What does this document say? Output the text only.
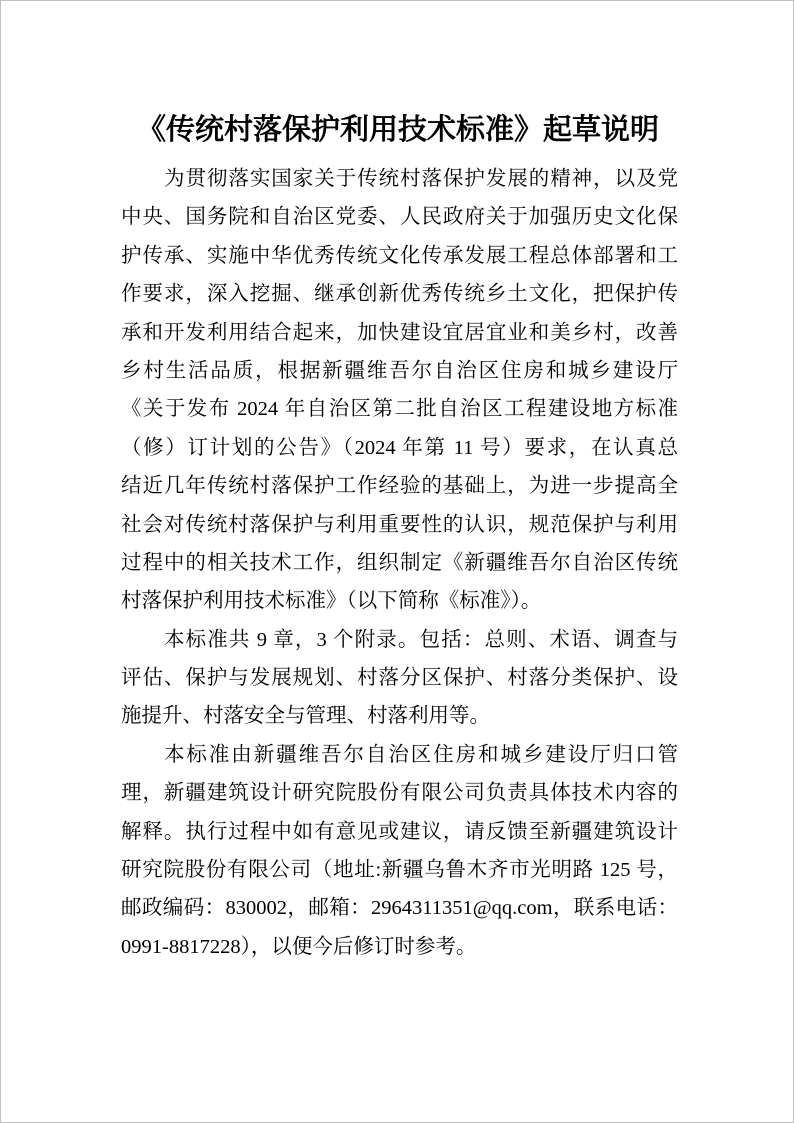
《传统村落保护利用技术标准》起草说明
为贯彻落实国家关于传统村落保护发展的精神，以及党
中央、国务院和自治区党委、人民政府关于加强历史文化保
护传承、实施中华优秀传统文化传承发展工程总体部署和工
作要求，深入挖掘、继承创新优秀传统乡土文化，把保护传
承和开发利用结合起来，加快建设宜居宜业和美乡村，改善
乡村生活品质，根据新疆维吾尔自治区住房和城乡建设厅
《关于发布 2024 年自治区第二批自治区工程建设地方标准
（修）订计划的公告》（2024 年第 11 号）要求，在认真总
结近几年传统村落保护工作经验的基础上，为进一步提高全
社会对传统村落保护与利用重要性的认识，规范保护与利用
过程中的相关技术工作，组织制定《新疆维吾尔自治区传统
村落保护利用技术标准》（以下简称《标准》）。
本标准共 9 章，3 个附录。包括：总则、术语、调查与
评估、保护与发展规划、村落分区保护、村落分类保护、设
施提升、村落安全与管理、村落利用等。
本标准由新疆维吾尔自治区住房和城乡建设厅归口管
理，新疆建筑设计研究院股份有限公司负责具体技术内容的
解释。执行过程中如有意见或建议，请反馈至新疆建筑设计
研究院股份有限公司（地址:新疆乌鲁木齐市光明路 125 号，
邮政编码：830002，邮箱：2964311351@qq.com，联系电话：
0991-8817228），以便今后修订时参考。
